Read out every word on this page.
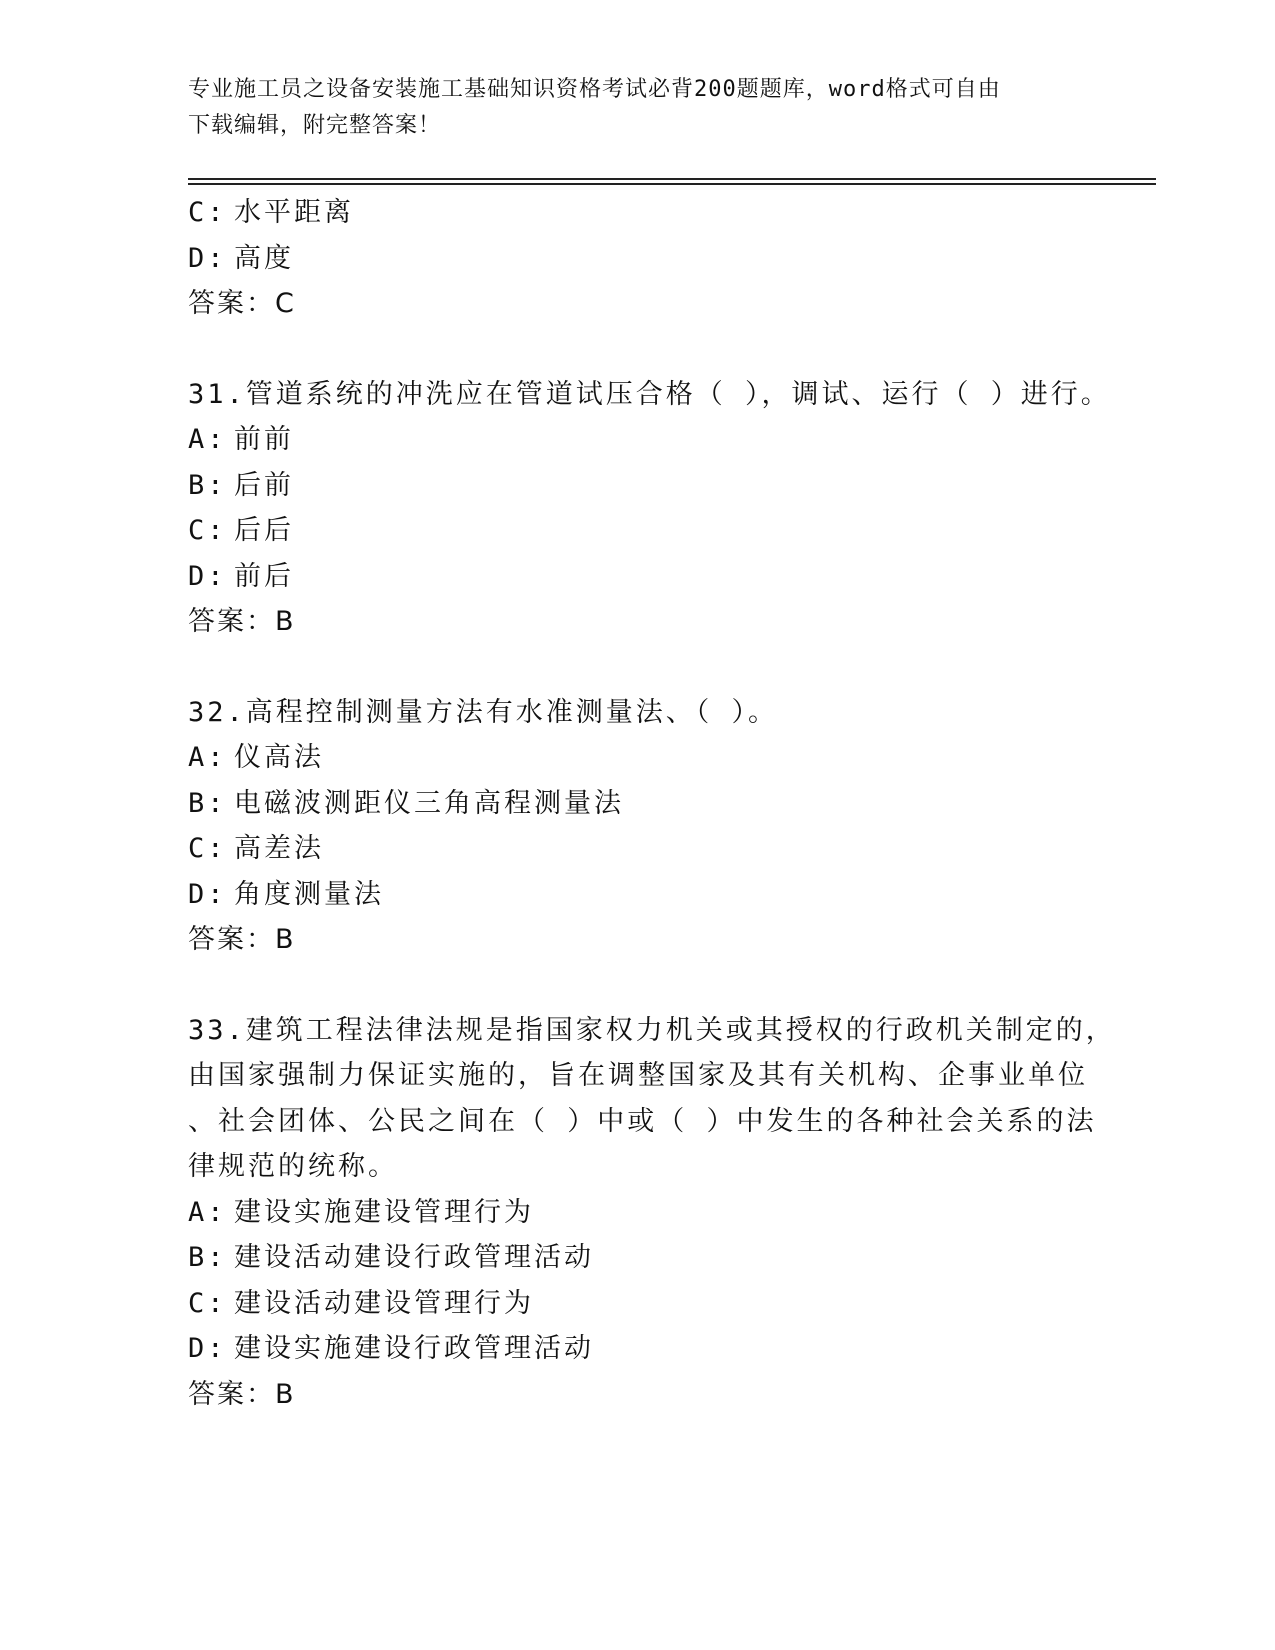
专业施工员之设备安装施工基础知识资格考试必背200题题库，word格式可自由
下载编辑，附完整答案！
C: 水平距离
D: 高度
答案：C
31.管道系统的冲洗应在管道试压合格（ ），调试、运行（ ）进行。
A: 前前
B: 后前
C: 后后
D: 前后
答案：B
32.高程控制测量方法有水准测量法、（ ）。
A: 仪高法
B: 电磁波测距仪三角高程测量法
C: 高差法
D: 角度测量法
答案：B
33.建筑工程法律法规是指国家权力机关或其授权的行政机关制定的，
由国家强制力保证实施的，旨在调整国家及其有关机构、企事业单位
、社会团体、公民之间在（ ）中或（ ）中发生的各种社会关系的法
律规范的统称。
A: 建设实施建设管理行为
B: 建设活动建设行政管理活动
C: 建设活动建设管理行为
D: 建设实施建设行政管理活动
答案：B
